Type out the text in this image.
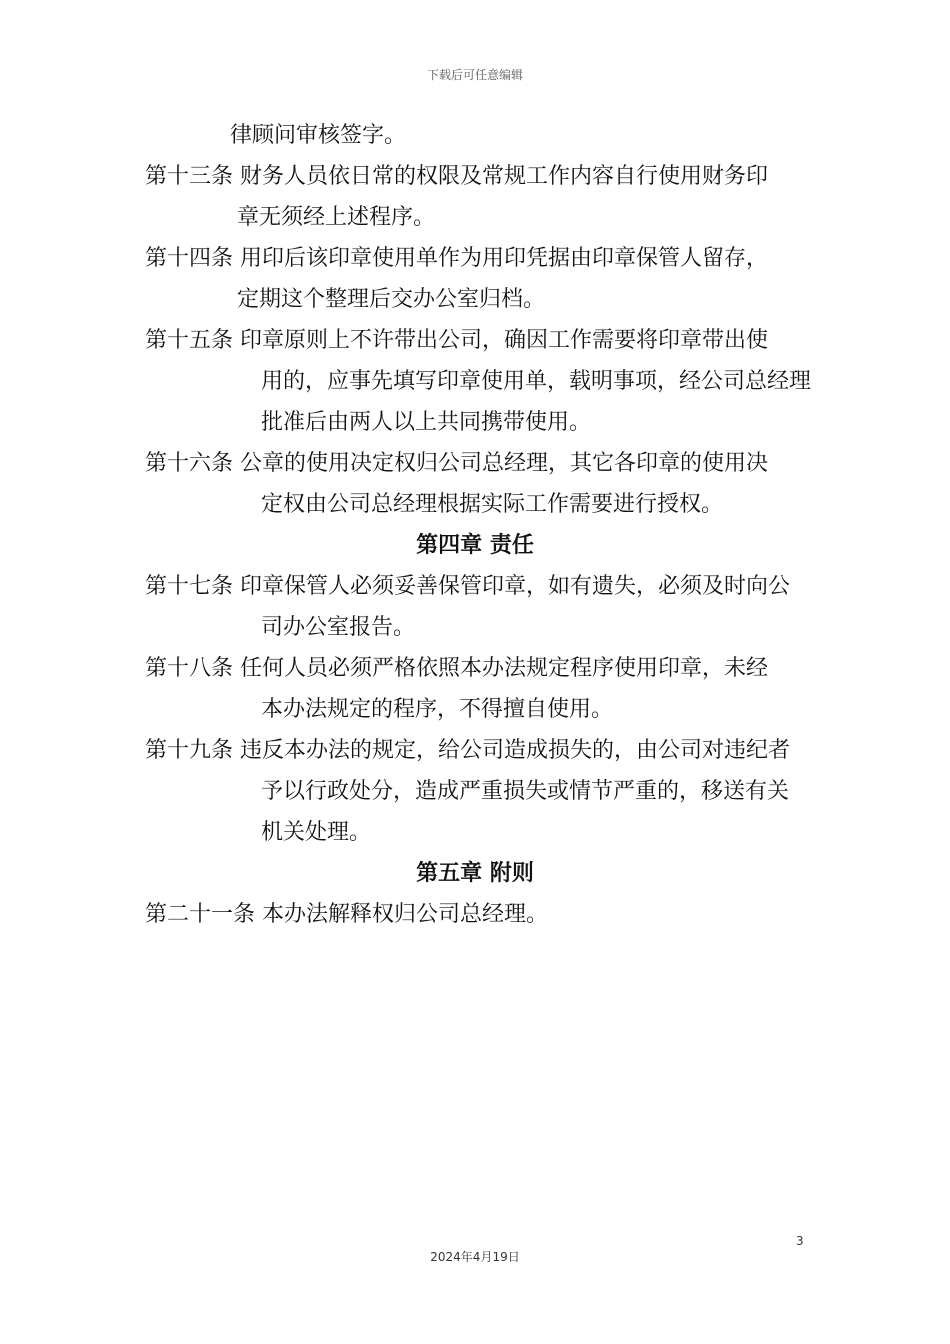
下载后可任意编辑
律顾问审核签字。
第十三条 财务人员依日常的权限及常规工作内容自行使用财务印
章无须经上述程序。
第十四条 用印后该印章使用单作为用印凭据由印章保管人留存，
定期这个整理后交办公室归档。
第十五条 印章原则上不许带出公司，确因工作需要将印章带出使
用的，应事先填写印章使用单，载明事项，经公司总经理
批准后由两人以上共同携带使用。
第十六条 公章的使用决定权归公司总经理，其它各印章的使用决
定权由公司总经理根据实际工作需要进行授权。
第四章 责任
第十七条 印章保管人必须妥善保管印章，如有遗失，必须及时向公
司办公室报告。
第十八条 任何人员必须严格依照本办法规定程序使用印章，未经
本办法规定的程序，不得擅自使用。
第十九条 违反本办法的规定，给公司造成损失的，由公司对违纪者
予以行政处分，造成严重损失或情节严重的，移送有关
机关处理。
第五章 附则
第二十一条 本办法解释权归公司总经理。
3
2024年4月19日
